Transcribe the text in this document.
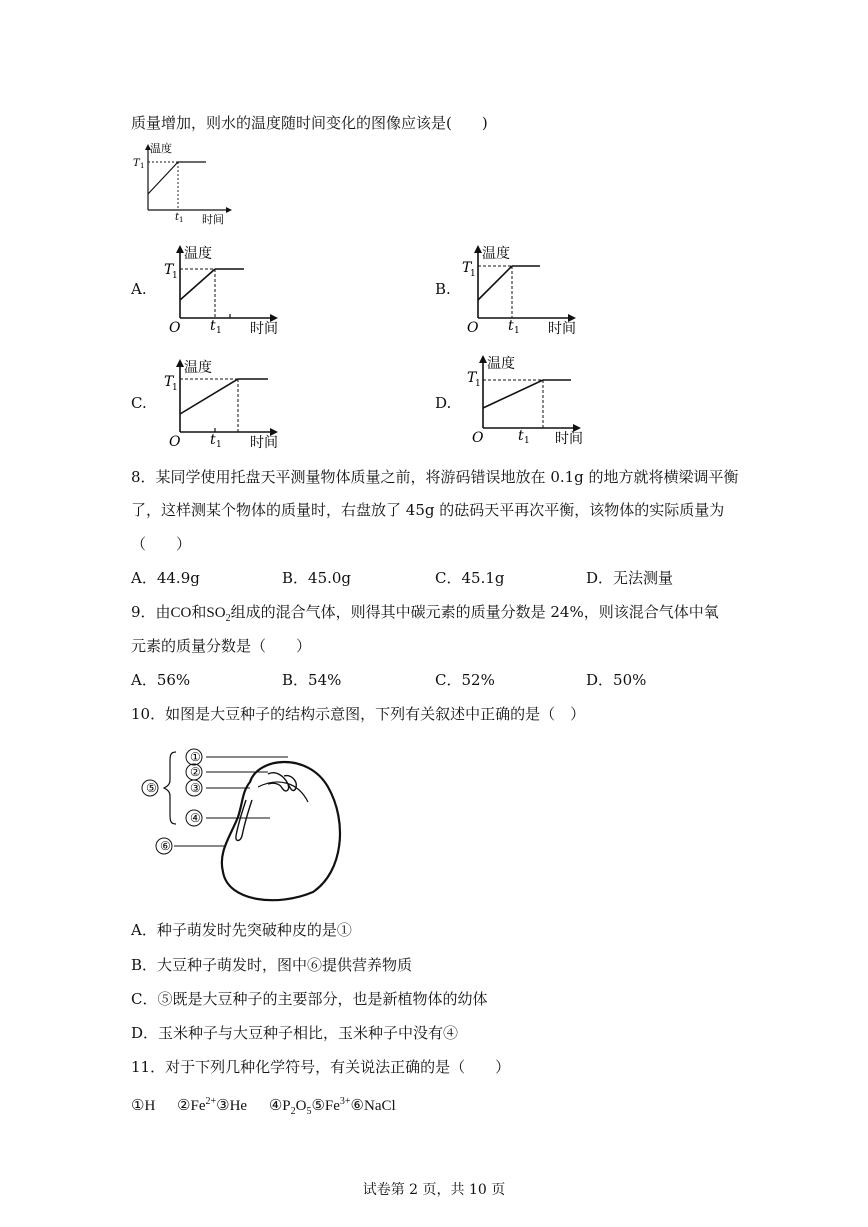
质量增加，则水的温度随时间变化的图像应该是(　　)
温度
T 1
t 1 时间
A.
温度
T
1
O t 1 时间
B.
温度
T
1
O t 1 时间
C.
温度
T
1
O t 1 时间
D.
温度
T
1
O t 1 时间
8．某同学使用托盘天平测量物体质量之前，将游码错误地放在 0.1g 的地方就将横梁调平衡
了，这样测某个物体的质量时，右盘放了 45g 的砝码天平再次平衡，该物体的实际质量为
（　　）
A．44.9g	B．45.0g	C．45.1g	D．无法测量
9．由CO和$SO_2$组成的混合气体，则得其中碳元素的质量分数是 24%，则该混合气体中氧
元素的质量分数是（　　）
A．56%	B．54%	C．52%	D．50%
10．如图是大豆种子的结构示意图，下列有关叙述中正确的是（　）
①
②
③
④
⑤
⑥
A．种子萌发时先突破种皮的是①
B．大豆种子萌发时，图中⑥提供营养物质
C．⑤既是大豆种子的主要部分，也是新植物体的幼体
D．玉米种子与大豆种子相比，玉米种子中没有④
11．对于下列几种化学符号，有关说法正确的是（　　）
①H $②Fe^{2+}③He$ $④P_2O_5⑤Fe^{3+}⑥NaCl$
试卷第 2 页，共 10 页
